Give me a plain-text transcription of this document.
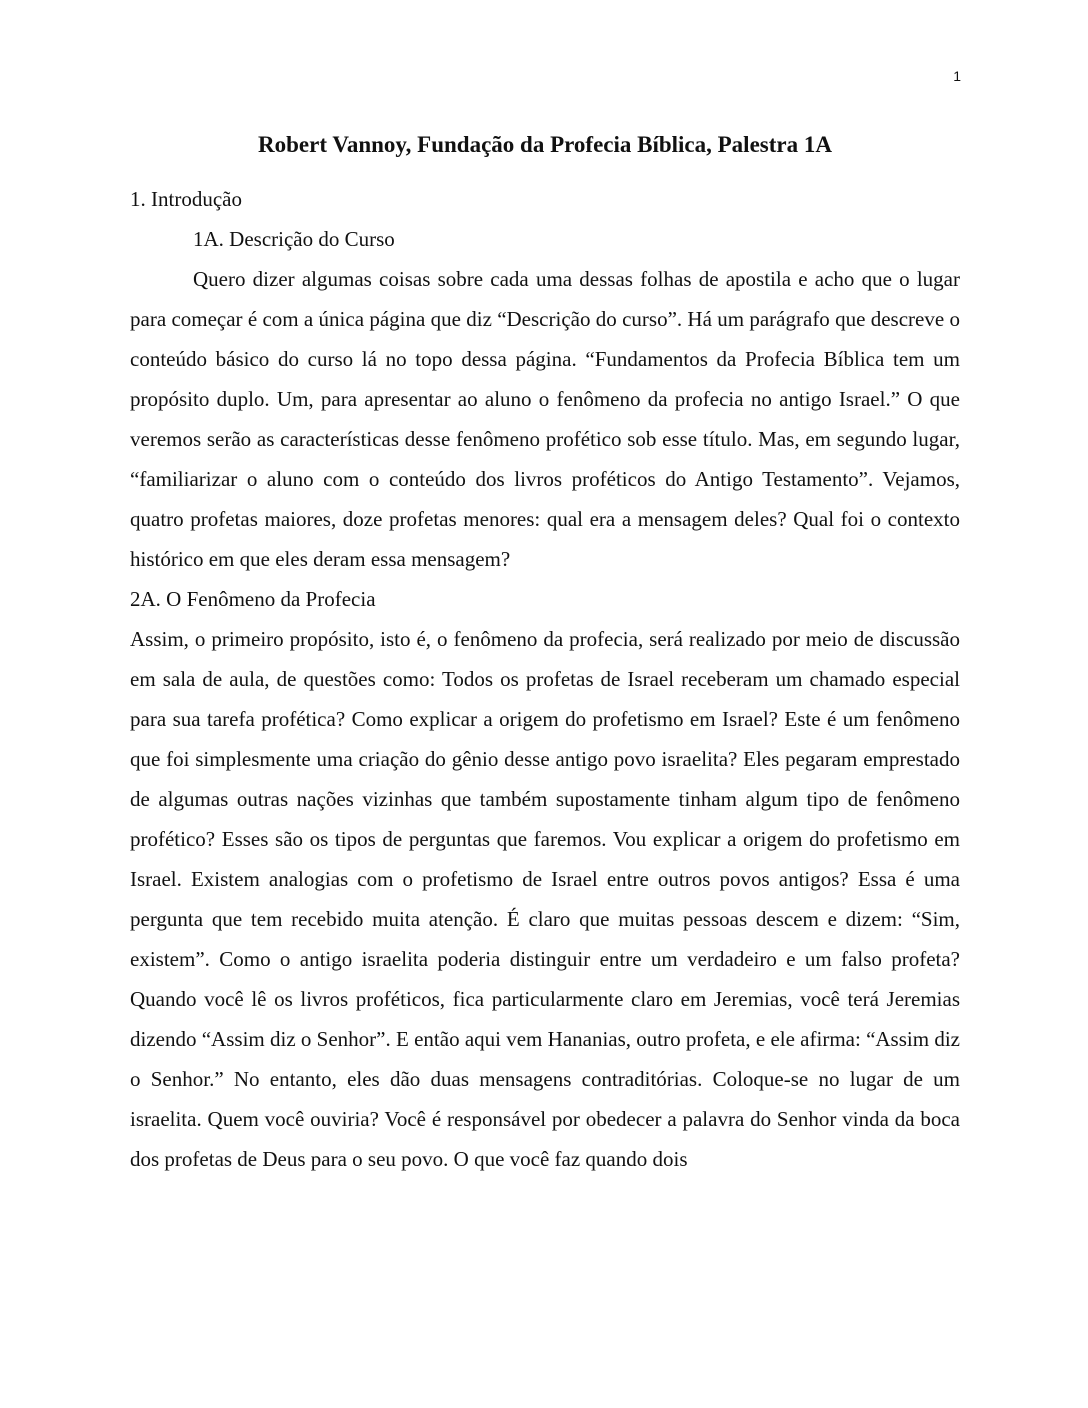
1
Robert Vannoy, Fundação da Profecia Bíblica, Palestra 1A
1. Introdução
1A. Descrição do Curso

Quero dizer algumas coisas sobre cada uma dessas folhas de apostila e acho que o lugar para começar é com a única página que diz “Descrição do curso”. Há um parágrafo que descreve o conteúdo básico do curso lá no topo dessa página. “Fundamentos da Profecia Bíblica tem um propósito duplo. Um, para apresentar ao aluno o fenômeno da profecia no antigo Israel.” O que veremos serão as características desse fenômeno profético sob esse título. Mas, em segundo lugar, “familiarizar o aluno com o conteúdo dos livros proféticos do Antigo Testamento”. Vejamos, quatro profetas maiores, doze profetas menores: qual era a mensagem deles? Qual foi o contexto histórico em que eles deram essa mensagem?

2A. O Fenômeno da Profecia

Assim, o primeiro propósito, isto é, o fenômeno da profecia, será realizado por meio de discussão em sala de aula, de questões como: Todos os profetas de Israel receberam um chamado especial para sua tarefa profética? Como explicar a origem do profetismo em Israel? Este é um fenômeno que foi simplesmente uma criação do gênio desse antigo povo israelita? Eles pegaram emprestado de algumas outras nações vizinhas que também supostamente tinham algum tipo de fenômeno profético? Esses são os tipos de perguntas que faremos. Vou explicar a origem do profetismo em Israel. Existem analogias com o profetismo de Israel entre outros povos antigos? Essa é uma pergunta que tem recebido muita atenção. É claro que muitas pessoas descem e dizem: “Sim, existem”. Como o antigo israelita poderia distinguir entre um verdadeiro e um falso profeta? Quando você lê os livros proféticos, fica particularmente claro em Jeremias, você terá Jeremias dizendo “Assim diz o Senhor”. E então aqui vem Hananias, outro profeta, e ele afirma: “Assim diz o Senhor.” No entanto, eles dão duas mensagens contraditórias. Coloque-se no lugar de um israelita. Quem você ouviria? Você é responsável por obedecer a palavra do Senhor vinda da boca dos profetas de Deus para o seu povo. O que você faz quando dois
